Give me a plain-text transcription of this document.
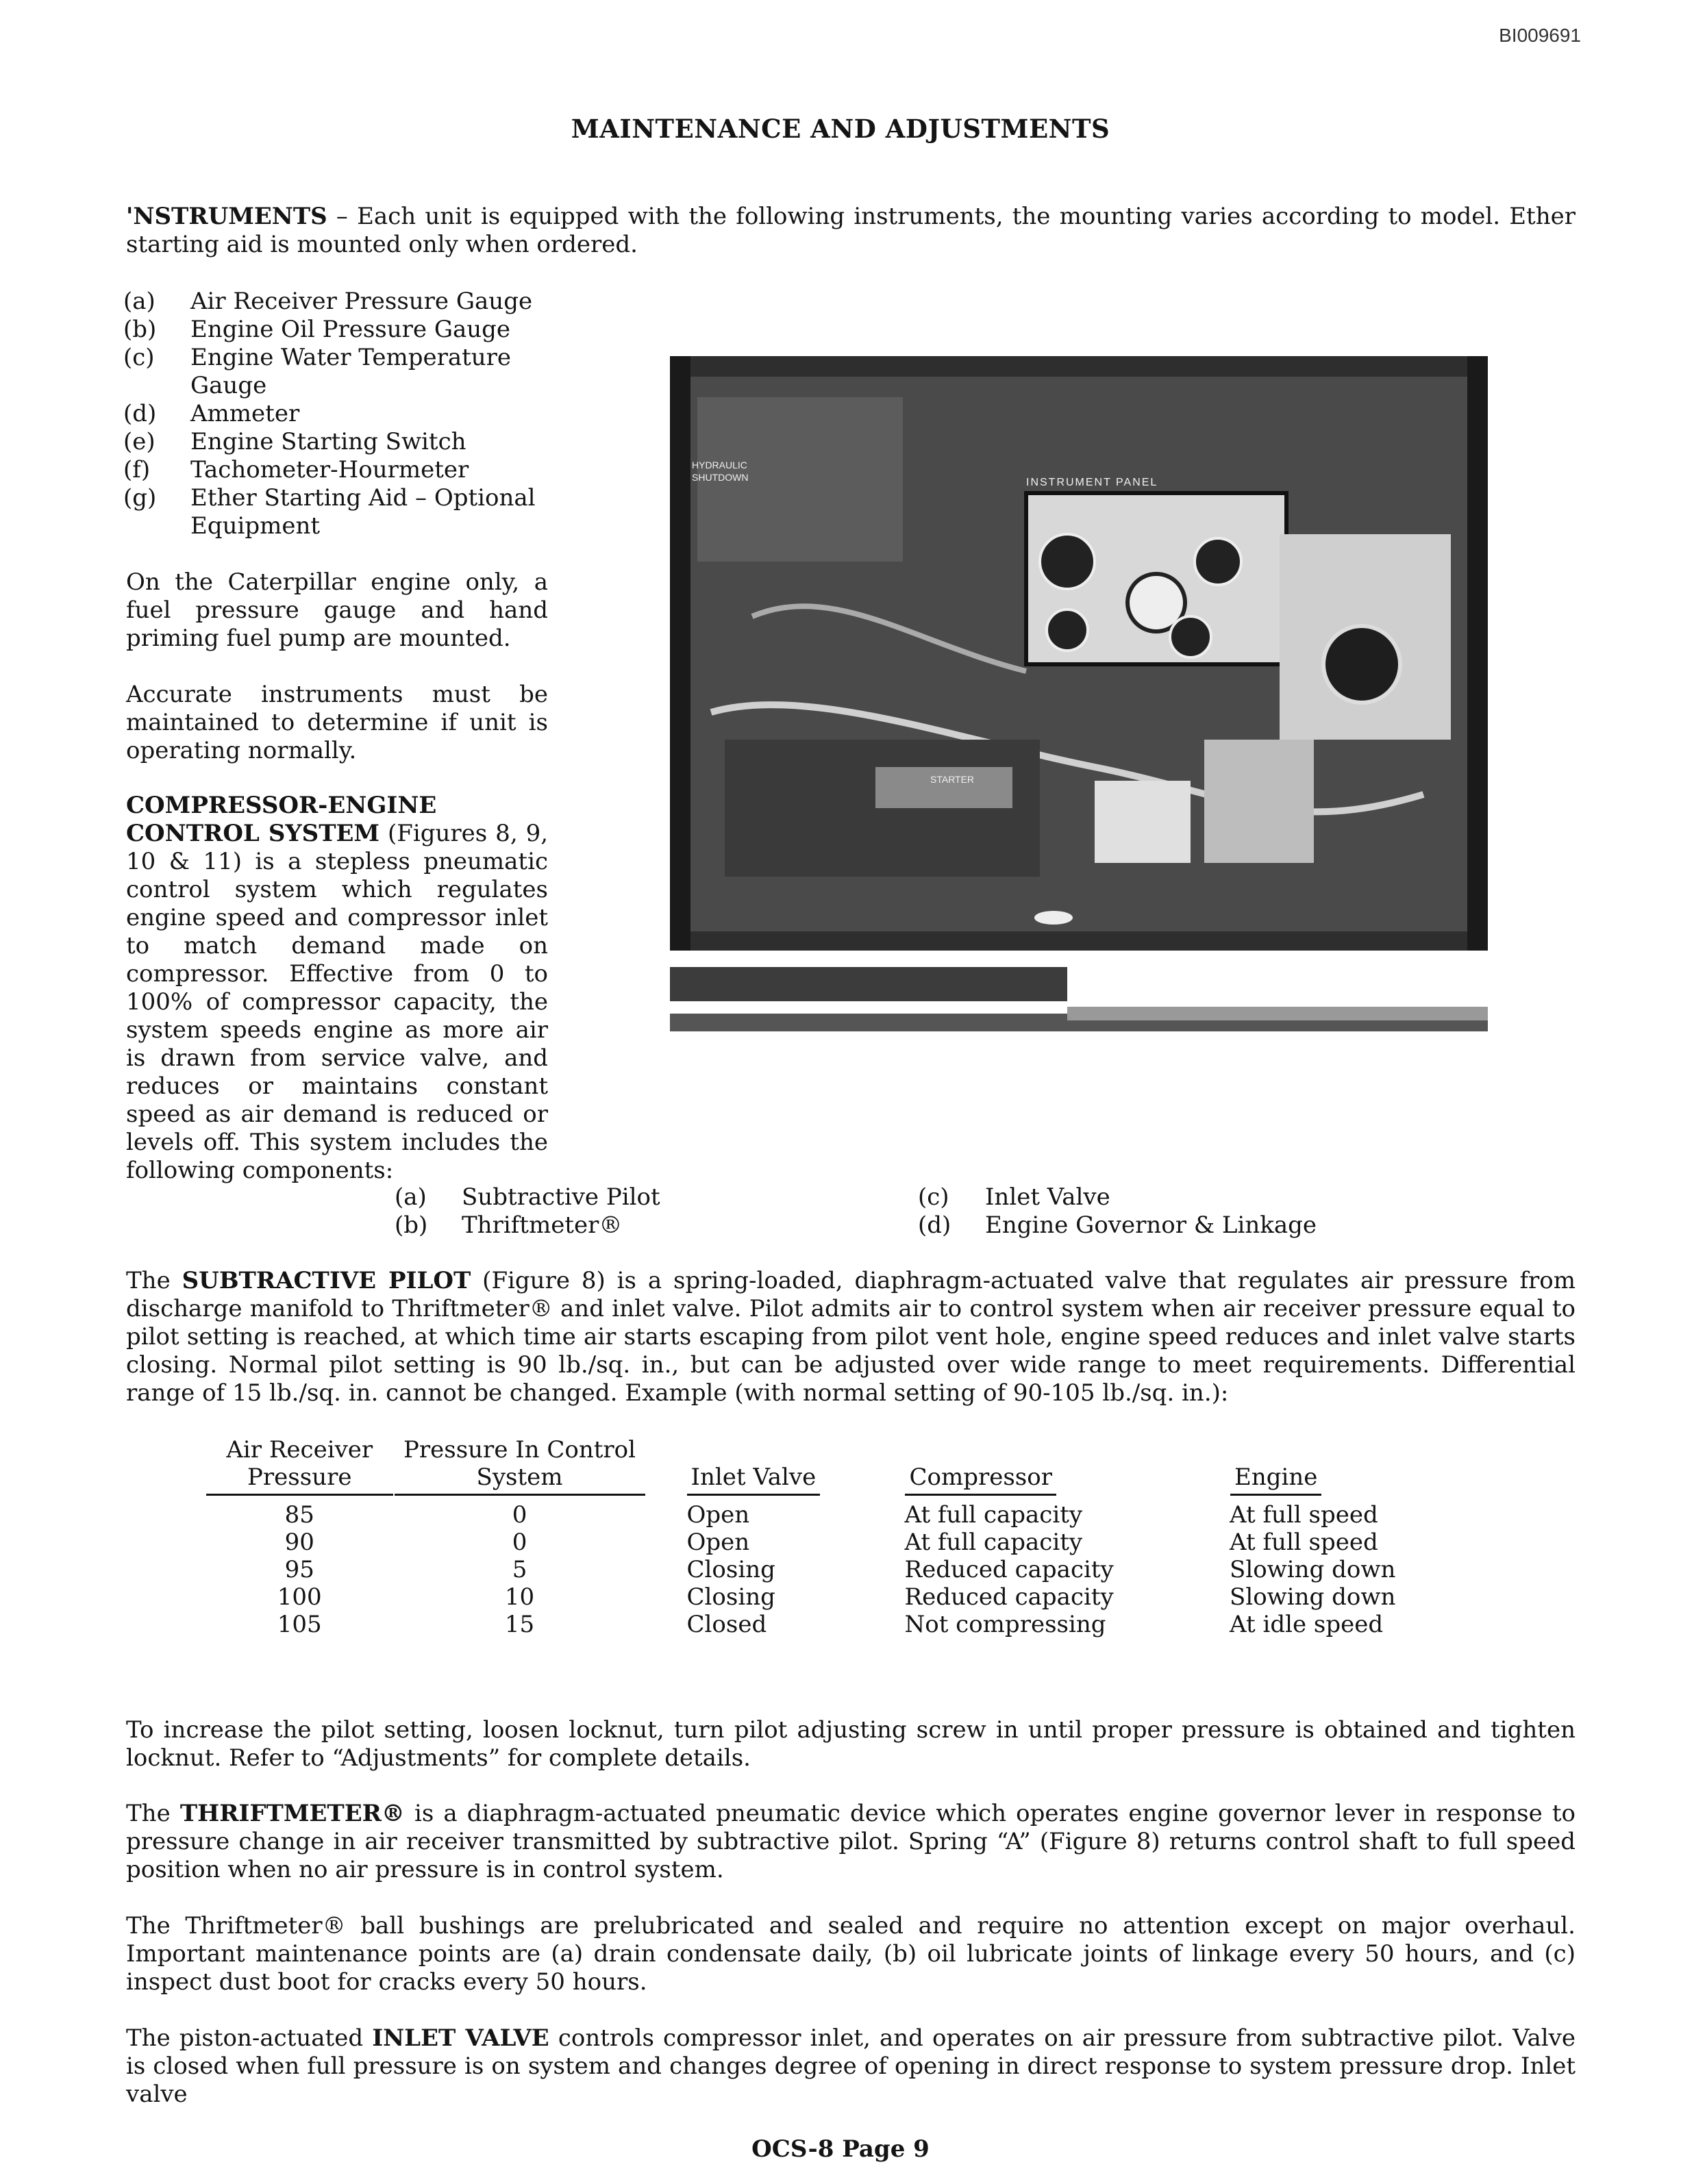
BI009691
MAINTENANCE AND ADJUSTMENTS
'NSTRUMENTS – Each unit is equipped with the following instruments, the mounting varies according to model. Ether starting aid is mounted only when ordered.
(a)	Air Receiver Pressure Gauge
(b)	Engine Oil Pressure Gauge
(c)	Engine Water Temperature Gauge
(d)	Ammeter
(e)	Engine Starting Switch
(f)	Tachometer-Hourmeter
(g)	Ether Starting Aid – Optional Equipment
On the Caterpillar engine only, a fuel pressure gauge and hand priming fuel pump are mounted.
Accurate instruments must be maintained to determine if unit is operating normally.
COMPRESSOR-ENGINE CONTROL SYSTEM (Figures 8, 9, 10 & 11) is a stepless pneumatic control system which regulates engine speed and compressor inlet to match demand made on compressor. Effective from 0 to 100% of compressor capacity, the system speeds engine as more air is drawn from service valve, and reduces or maintains constant speed as air demand is reduced or levels off. This system includes the following components:
INSTRUMENT PANEL
HYDRAULIC SHUTDOWN
STARTER
(a)	Subtractive Pilot
(b)	Thriftmeter®
(c)	Inlet Valve
(d)	Engine Governor & Linkage
The SUBTRACTIVE PILOT (Figure 8) is a spring-loaded, diaphragm-actuated valve that regulates air pressure from discharge manifold to Thriftmeter® and inlet valve. Pilot admits air to control system when air receiver pressure equal to pilot setting is reached, at which time air starts escaping from pilot vent hole, engine speed reduces and inlet valve starts closing. Normal pilot setting is 90 lb./sq. in., but can be adjusted over wide range to meet requirements. Differential range of 15 lb./sq. in. cannot be changed. Example (with normal setting of 90-105 lb./sq. in.):
Air Receiver Pressure	Pressure In Control System	Inlet Valve	Compressor	Engine
85	0	Open	At full capacity	At full speed
90	0	Open	At full capacity	At full speed
95	5	Closing	Reduced capacity	Slowing down
100	10	Closing	Reduced capacity	Slowing down
105	15	Closed	Not compressing	At idle speed
To increase the pilot setting, loosen locknut, turn pilot adjusting screw in until proper pressure is obtained and tighten locknut. Refer to “Adjustments” for complete details.
The THRIFTMETER® is a diaphragm-actuated pneumatic device which operates engine governor lever in response to pressure change in air receiver transmitted by subtractive pilot. Spring “A” (Figure 8) returns control shaft to full speed position when no air pressure is in control system.
The Thriftmeter® ball bushings are prelubricated and sealed and require no attention except on major overhaul. Important maintenance points are (a) drain condensate daily, (b) oil lubricate joints of linkage every 50 hours, and (c) inspect dust boot for cracks every 50 hours.
The piston-actuated INLET VALVE controls compressor inlet, and operates on air pressure from subtractive pilot. Valve is closed when full pressure is on system and changes degree of opening in direct response to system pressure drop. Inlet valve
OCS-8 Page 9
